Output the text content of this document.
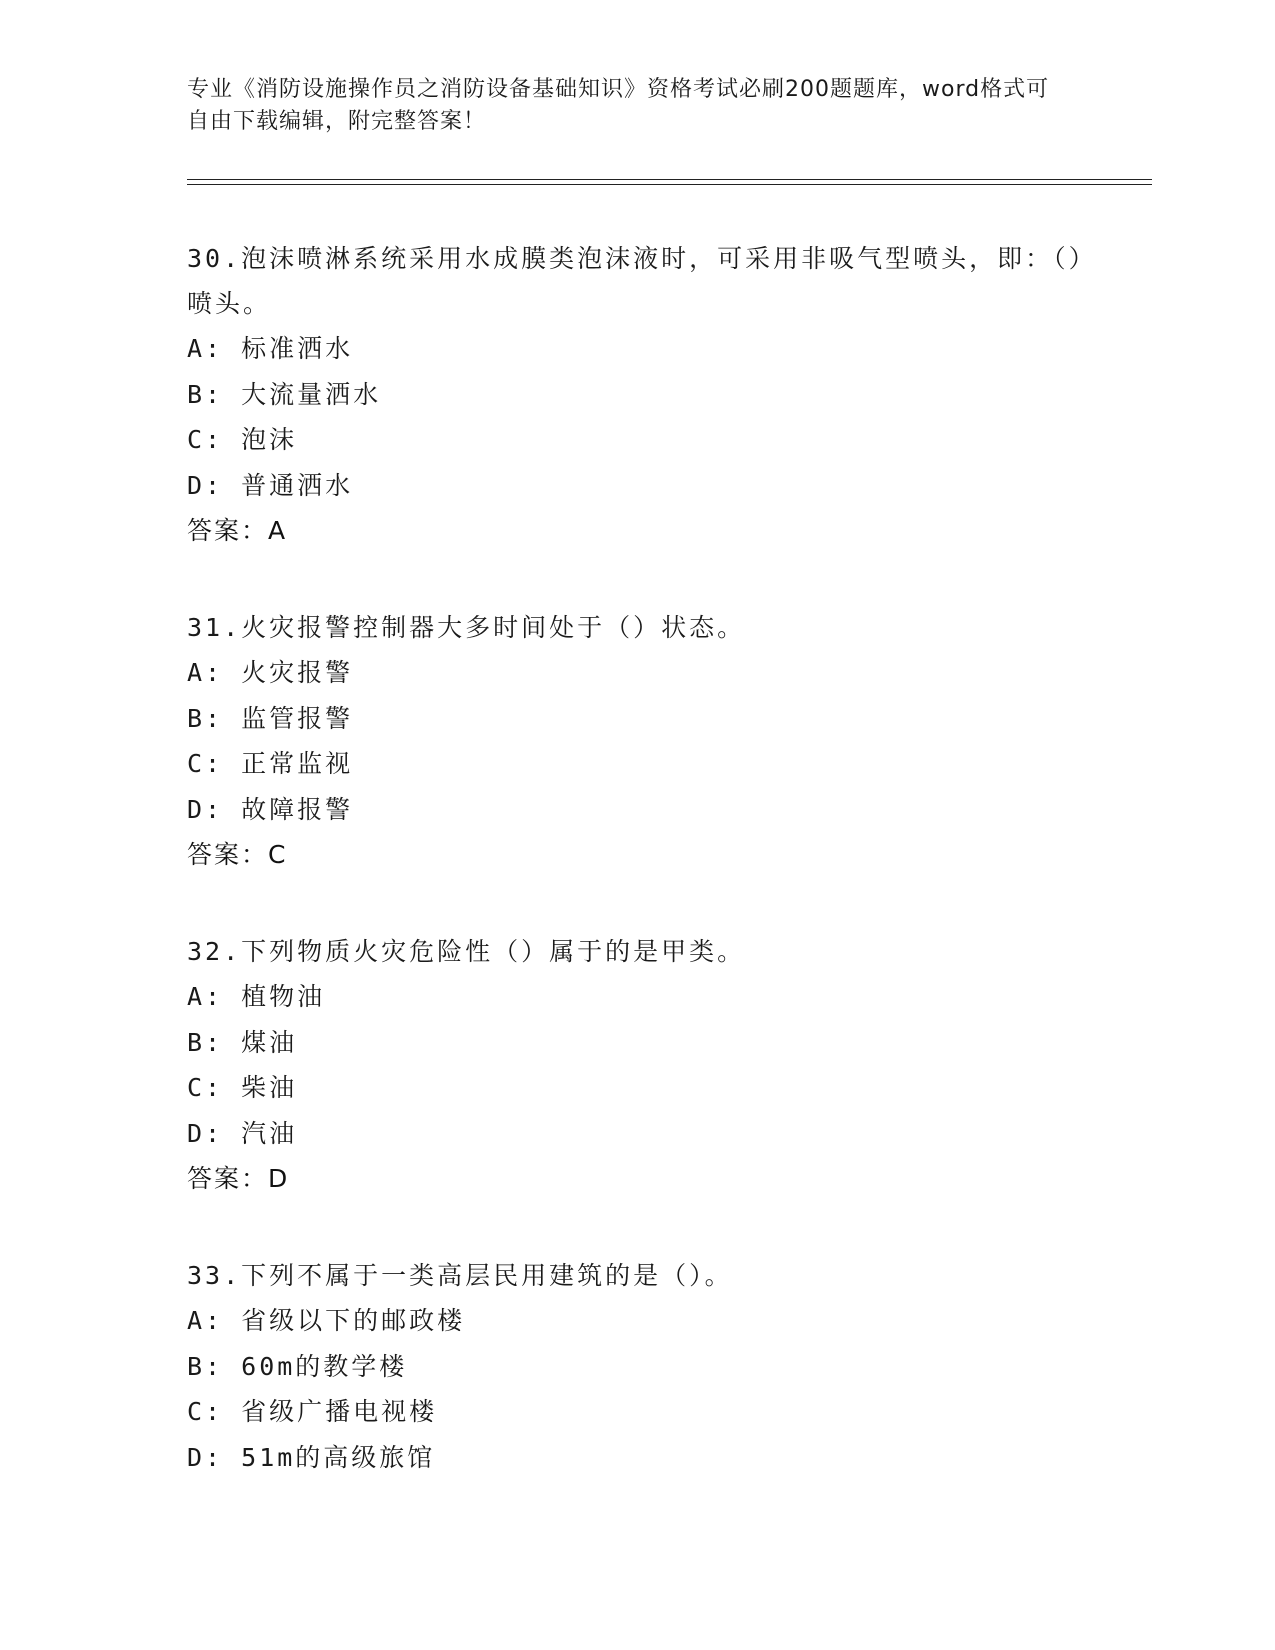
专业《消防设施操作员之消防设备基础知识》资格考试必刷200题题库，word格式可自由下载编辑，附完整答案！

30.泡沫喷淋系统采用水成膜类泡沫液时，可采用非吸气型喷头，即：（）喷头。

A: 标准洒水

B: 大流量洒水

C: 泡沫

D: 普通洒水

答案：A

31.火灾报警控制器大多时间处于（）状态。

A: 火灾报警

B: 监管报警

C: 正常监视

D: 故障报警

答案：C

32.下列物质火灾危险性（）属于的是甲类。

A: 植物油

B: 煤油

C: 柴油

D: 汽油

答案：D

33.下列不属于一类高层民用建筑的是（）。

A: 省级以下的邮政楼

B: 60m的教学楼

C: 省级广播电视楼

D: 51m的高级旅馆
